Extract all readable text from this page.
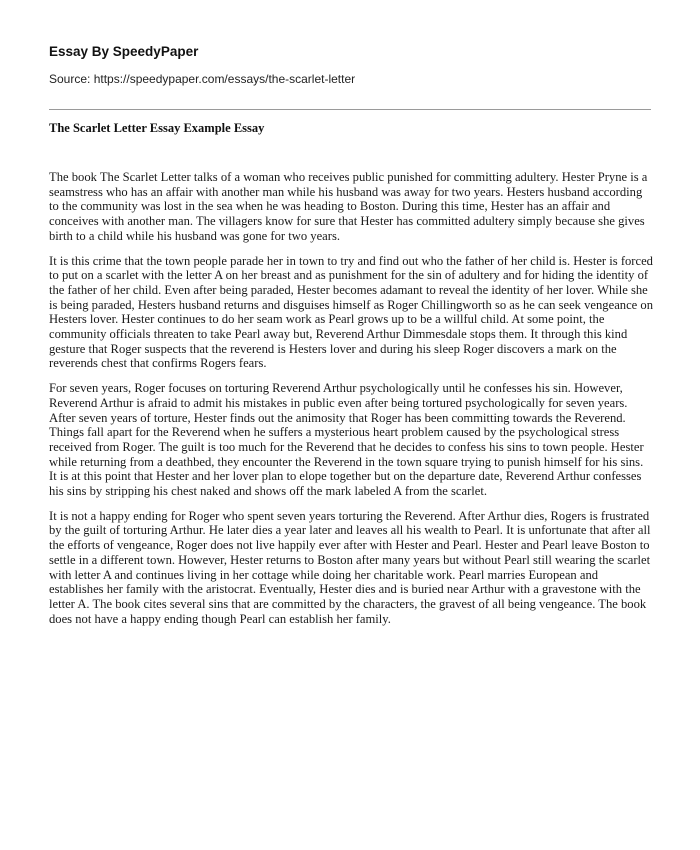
Essay By SpeedyPaper
Source: https://speedypaper.com/essays/the-scarlet-letter
The Scarlet Letter Essay Example Essay

The book The Scarlet Letter talks of a woman who receives public punished for committing adultery. Hester Pryne is a seamstress who has an affair with another man while his husband was away for two years. Hesters husband according to the community was lost in the sea when he was heading to Boston. During this time, Hester has an affair and conceives with another man. The villagers know for sure that Hester has committed adultery simply because she gives birth to a child while his husband was gone for two years.

It is this crime that the town people parade her in town to try and find out who the father of her child is. Hester is forced to put on a scarlet with the letter A on her breast and as punishment for the sin of adultery and for hiding the identity of the father of her child. Even after being paraded, Hester becomes adamant to reveal the identity of her lover. While she is being paraded, Hesters husband returns and disguises himself as Roger Chillingworth so as he can seek vengeance on Hesters lover. Hester continues to do her seam work as Pearl grows up to be a willful child. At some point, the community officials threaten to take Pearl away but, Reverend Arthur Dimmesdale stops them. It through this kind gesture that Roger suspects that the reverend is Hesters lover and during his sleep Roger discovers a mark on the reverends chest that confirms Rogers fears.

For seven years, Roger focuses on torturing Reverend Arthur psychologically until he confesses his sin. However, Reverend Arthur is afraid to admit his mistakes in public even after being tortured psychologically for seven years. After seven years of torture, Hester finds out the animosity that Roger has been committing towards the Reverend. Things fall apart for the Reverend when he suffers a mysterious heart problem caused by the psychological stress received from Roger. The guilt is too much for the Reverend that he decides to confess his sins to town people. Hester while returning from a deathbed, they encounter the Reverend in the town square trying to punish himself for his sins. It is at this point that Hester and her lover plan to elope together but on the departure date, Reverend Arthur confesses his sins by stripping his chest naked and shows off the mark labeled A from the scarlet.

It is not a happy ending for Roger who spent seven years torturing the Reverend. After Arthur dies, Rogers is frustrated by the guilt of torturing Arthur. He later dies a year later and leaves all his wealth to Pearl. It is unfortunate that after all the efforts of vengeance, Roger does not live happily ever after with Hester and Pearl. Hester and Pearl leave Boston to settle in a different town. However, Hester returns to Boston after many years but without Pearl still wearing the scarlet with letter A and continues living in her cottage while doing her charitable work. Pearl marries European and establishes her family with the aristocrat. Eventually, Hester dies and is buried near Arthur with a gravestone with the letter A. The book cites several sins that are committed by the characters, the gravest of all being vengeance. The book does not have a happy ending though Pearl can establish her family.
